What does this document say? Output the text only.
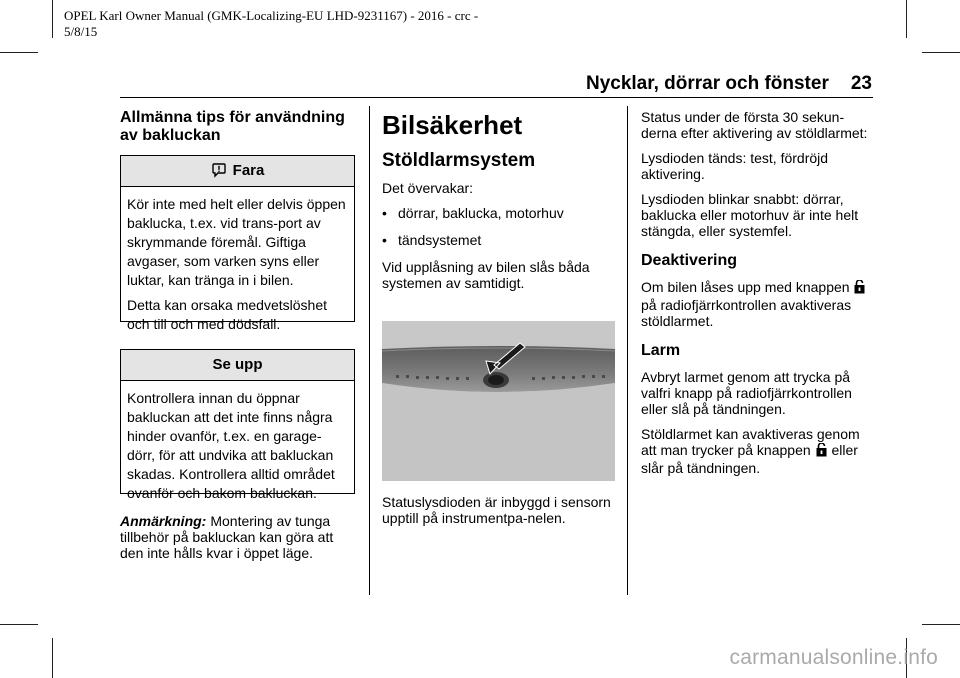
OPEL Karl Owner Manual (GMK-Localizing-EU LHD-9231167) - 2016 - crc -
5/8/15
Nycklar, dörrar och fönster 23
Allmänna tips för användning av bakluckan
Fara

Kör inte med helt eller delvis öppen baklucka, t.ex. vid trans-port av skrymmande föremål. Giftiga avgaser, som varken syns eller luktar, kan tränga in i bilen.

Detta kan orsaka medvetslöshet och till och med dödsfall.

Se upp

Kontrollera innan du öppnar bakluckan att det inte finns några hinder ovanför, t.ex. en garage-dörr, för att undvika att bakluckan skadas. Kontrollera alltid området ovanför och bakom bakluckan.

Anmärkning: Montering av tunga tillbehör på bakluckan kan göra att den inte hålls kvar i öppet läge.

Bilsäkerhet
Stöldlarmsystem

Det övervakar:

• dörrar, baklucka, motorhuv
• tändsystemet

Vid upplåsning av bilen slås båda systemen av samtidigt.

Statuslysdioden är inbyggd i sensorn upptill på instrumentpa-nelen.

Status under de första 30 sekun-derna efter aktivering av stöldlarmet:

Lysdioden tänds: test, fördröjd aktivering.

Lysdioden blinkar snabbt: dörrar, baklucka eller motorhuv är inte helt stängda, eller systemfel.

Deaktivering

Om bilen låses upp med knappen  på radiofjärrkontrollen avaktiveras stöldlarmet.

Larm

Avbryt larmet genom att trycka på valfri knapp på radiofjärrkontrollen eller slå på tändningen.

Stöldlarmet kan avaktiveras genom att man trycker på knappen eller slår på tändningen.

carmanualsonline.info
